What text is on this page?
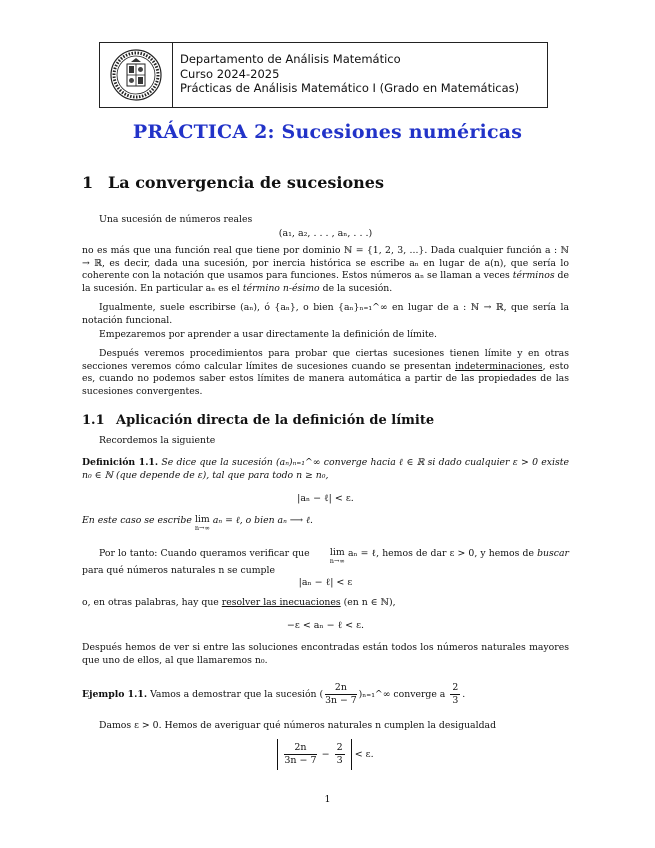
Departamento de Análisis Matemático
Curso 2024-2025
Prácticas de Análisis Matemático I (Grado en Matemáticas)
PRÁCTICA 2: Sucesiones numéricas
1 La convergencia de sucesiones
Una sucesión de números reales
(a₁, a₂, . . . , aₙ, . . .)
no es más que una función real que tiene por dominio ℕ = {1, 2, 3, ...}. Dada cualquier función a : ℕ → ℝ, es decir, dada una sucesión, por inercia histórica se escribe aₙ en lugar de a(n), que sería lo coherente con la notación que usamos para funciones. Estos números aₙ se llaman a veces términos de la sucesión. En particular aₙ es el término n-ésimo de la sucesión.
Igualmente, suele escribirse (aₙ), ó {aₙ}, o bien {aₙ}ₙ₌₁^∞ en lugar de a : ℕ → ℝ, que sería la notación funcional.
Empezaremos por aprender a usar directamente la definición de límite.
Después veremos procedimientos para probar que ciertas sucesiones tienen límite y en otras secciones veremos cómo calcular límites de sucesiones cuando se presentan indeterminaciones, esto es, cuando no podemos saber estos límites de manera automática a partir de las propiedades de las sucesiones convergentes.
1.1 Aplicación directa de la definición de límite
Recordemos la siguiente
Definición 1.1. Se dice que la sucesión (aₙ)ₙ₌₁^∞ converge hacia ℓ ∈ ℝ si dado cualquier ε > 0 existe n₀ ∈ ℕ (que depende de ε), tal que para todo n ≥ n₀,
|aₙ − ℓ| < ε.
En este caso se escribe lim
n→∞
aₙ = ℓ, o bien aₙ ⟶ ℓ.
Por lo tanto: Cuando queramos verificar que lim
n→∞
aₙ = ℓ, hemos de dar ε > 0, y hemos de buscar para qué números naturales n se cumple
|aₙ − ℓ| < ε
o, en otras palabras, hay que resolver las inecuaciones (en n ∈ ℕ),
−ε < aₙ − ℓ < ε.
Después hemos de ver si entre las soluciones encontradas están todos los números naturales mayores que uno de ellos, al que llamaremos n₀.
Ejemplo 1.1. Vamos a demostrar que la sucesión ( $\frac{2n}{3n - 7}$ )ₙ₌₁^∞ converge a $\frac{2}{3}$ .
Damos ε > 0. Hemos de averiguar qué números naturales n cumplen la desigualdad
$\frac{2n}{3n - 7} - \frac{2}{3} < \varepsilon$.
1
